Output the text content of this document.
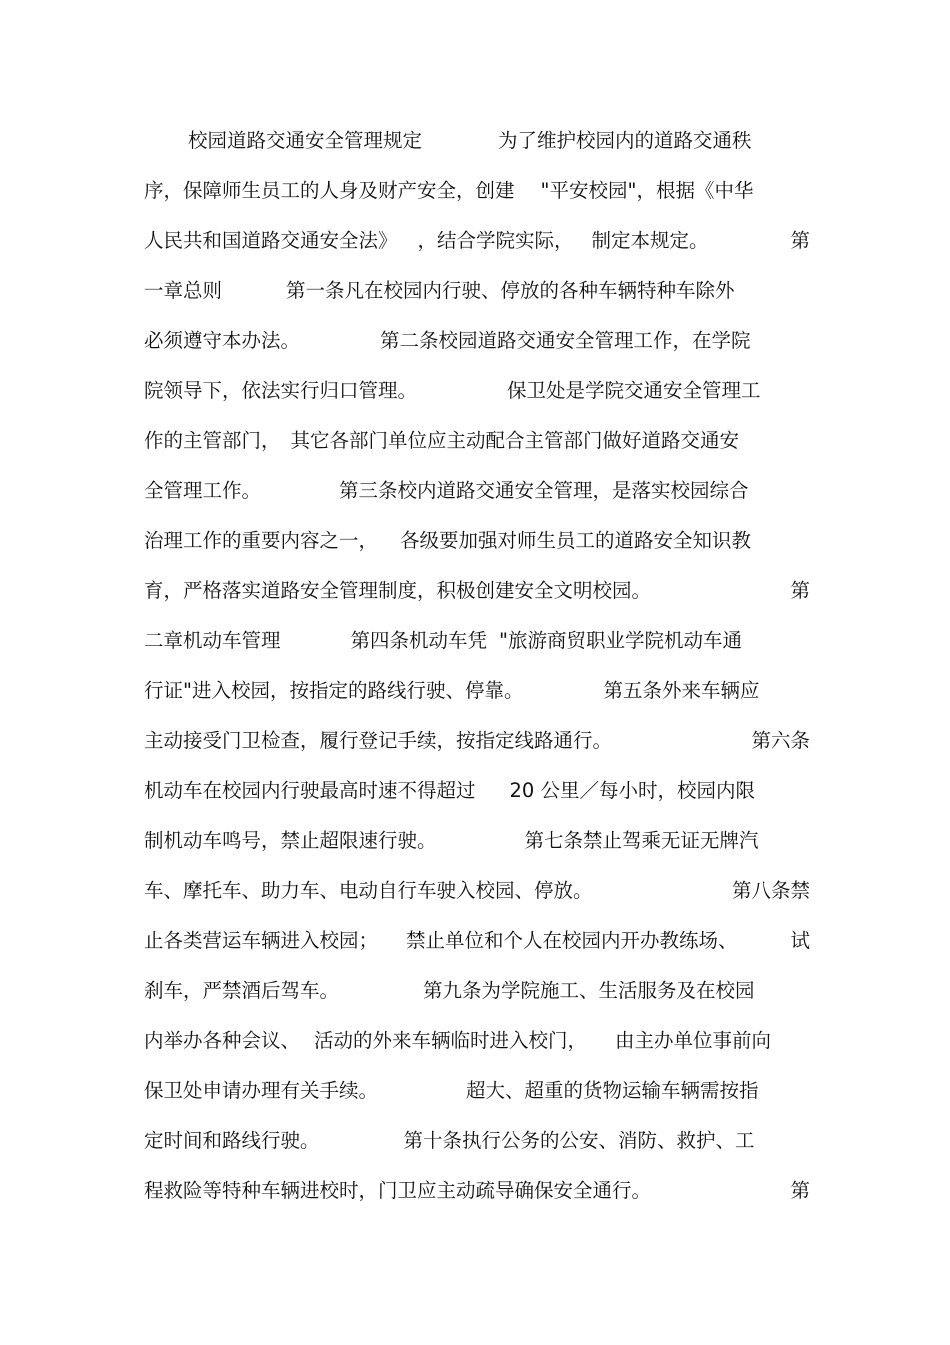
校园道路交通安全管理规定	为了维护校园内的道路交通秩
序，保障师生员工的人身及财产安全，创建 "平安校园"，根据《中华
人民共和国道路交通安全法》 ，结合学院实际， 制定本规定。	第
一章总则	第一条凡在校园内行驶、停放的各种车辆特种车除外
必须遵守本办法。	第二条校园道路交通安全管理工作，在学院
院领导下，依法实行归口管理。	保卫处是学院交通安全管理工
作的主管部门， 其它各部门单位应主动配合主管部门做好道路交通安
全管理工作。	第三条校内道路交通安全管理，是落实校园综合
治理工作的重要内容之一， 各级要加强对师生员工的道路安全知识教
育，严格落实道路安全管理制度，积极创建安全文明校园。	第
二章机动车管理	第四条机动车凭 "旅游商贸职业学院机动车通
行证"进入校园，按指定的路线行驶、停靠。	第五条外来车辆应
主动接受门卫检查，履行登记手续，按指定线路通行。	第六条
机动车在校园内行驶最高时速不得超过 20 公里／每小时，校园内限
制机动车鸣号，禁止超限速行驶。	第七条禁止驾乘无证无牌汽
车、摩托车、助力车、电动自行车驶入校园、停放。	第八条禁
止各类营运车辆进入校园； 禁止单位和个人在校园内开办教练场、	试
刹车，严禁酒后驾车。	第九条为学院施工、生活服务及在校园
内举办各种会议、 活动的外来车辆临时进入校门， 由主办单位事前向
保卫处申请办理有关手续。	超大、超重的货物运输车辆需按指
定时间和路线行驶。	第十条执行公务的公安、消防、救护、工
程救险等特种车辆进校时，门卫应主动疏导确保安全通行。	第
